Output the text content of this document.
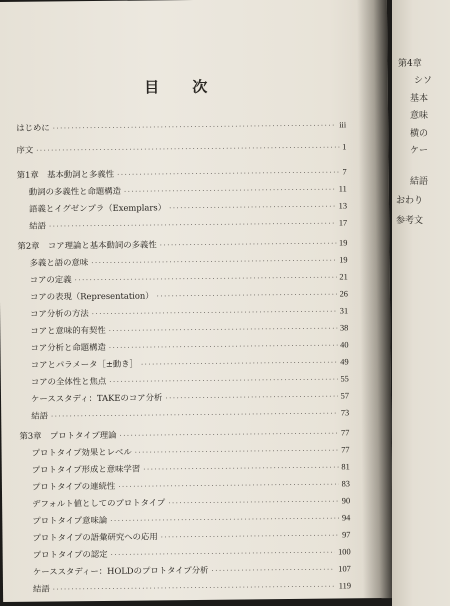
目 次
はじめに ·····	iii
序文 ·····	1
第1章　基本動詞と多義性 ·····	7
動詞の多義性と命題構造 ·····	11
語義とイグゼンプラ（Exemplars） ·····	13
結語 ·····	17
第2章　コア理論と基本動詞の多義性 ·····	19
多義と語の意味 ·····	19
コアの定義 ·····	21
コアの表現（Representation） ·····	26
コア分析の方法 ·····	31
コアと意味的有契性 ·····	38
コア分析と命題構造 ·····	40
コアとパラメータ［±動き］ ·····	49
コアの全体性と焦点 ·····	55
ケーススタディ：TAKEのコア分析 ·····	57
結語 ·····	73
第3章　プロトタイプ理論 ·····	77
プロトタイプ効果とレベル ·····	77
プロトタイプ形成と意味学習 ·····	81
プロトタイプの連続性 ·····	83
デフォルト値としてのプロトタイプ ·····	90
プロトタイプ意味論 ·····	94
プロトタイプの語彙研究への応用 ·····	97
プロトタイプの認定 ·····	100
ケーススタディー：HOLDのプロトタイプ分析 ·····	107
結語 ·····	119
第4章
シソ
基本
意味
横の
ケー
結語
おわり
参考文
